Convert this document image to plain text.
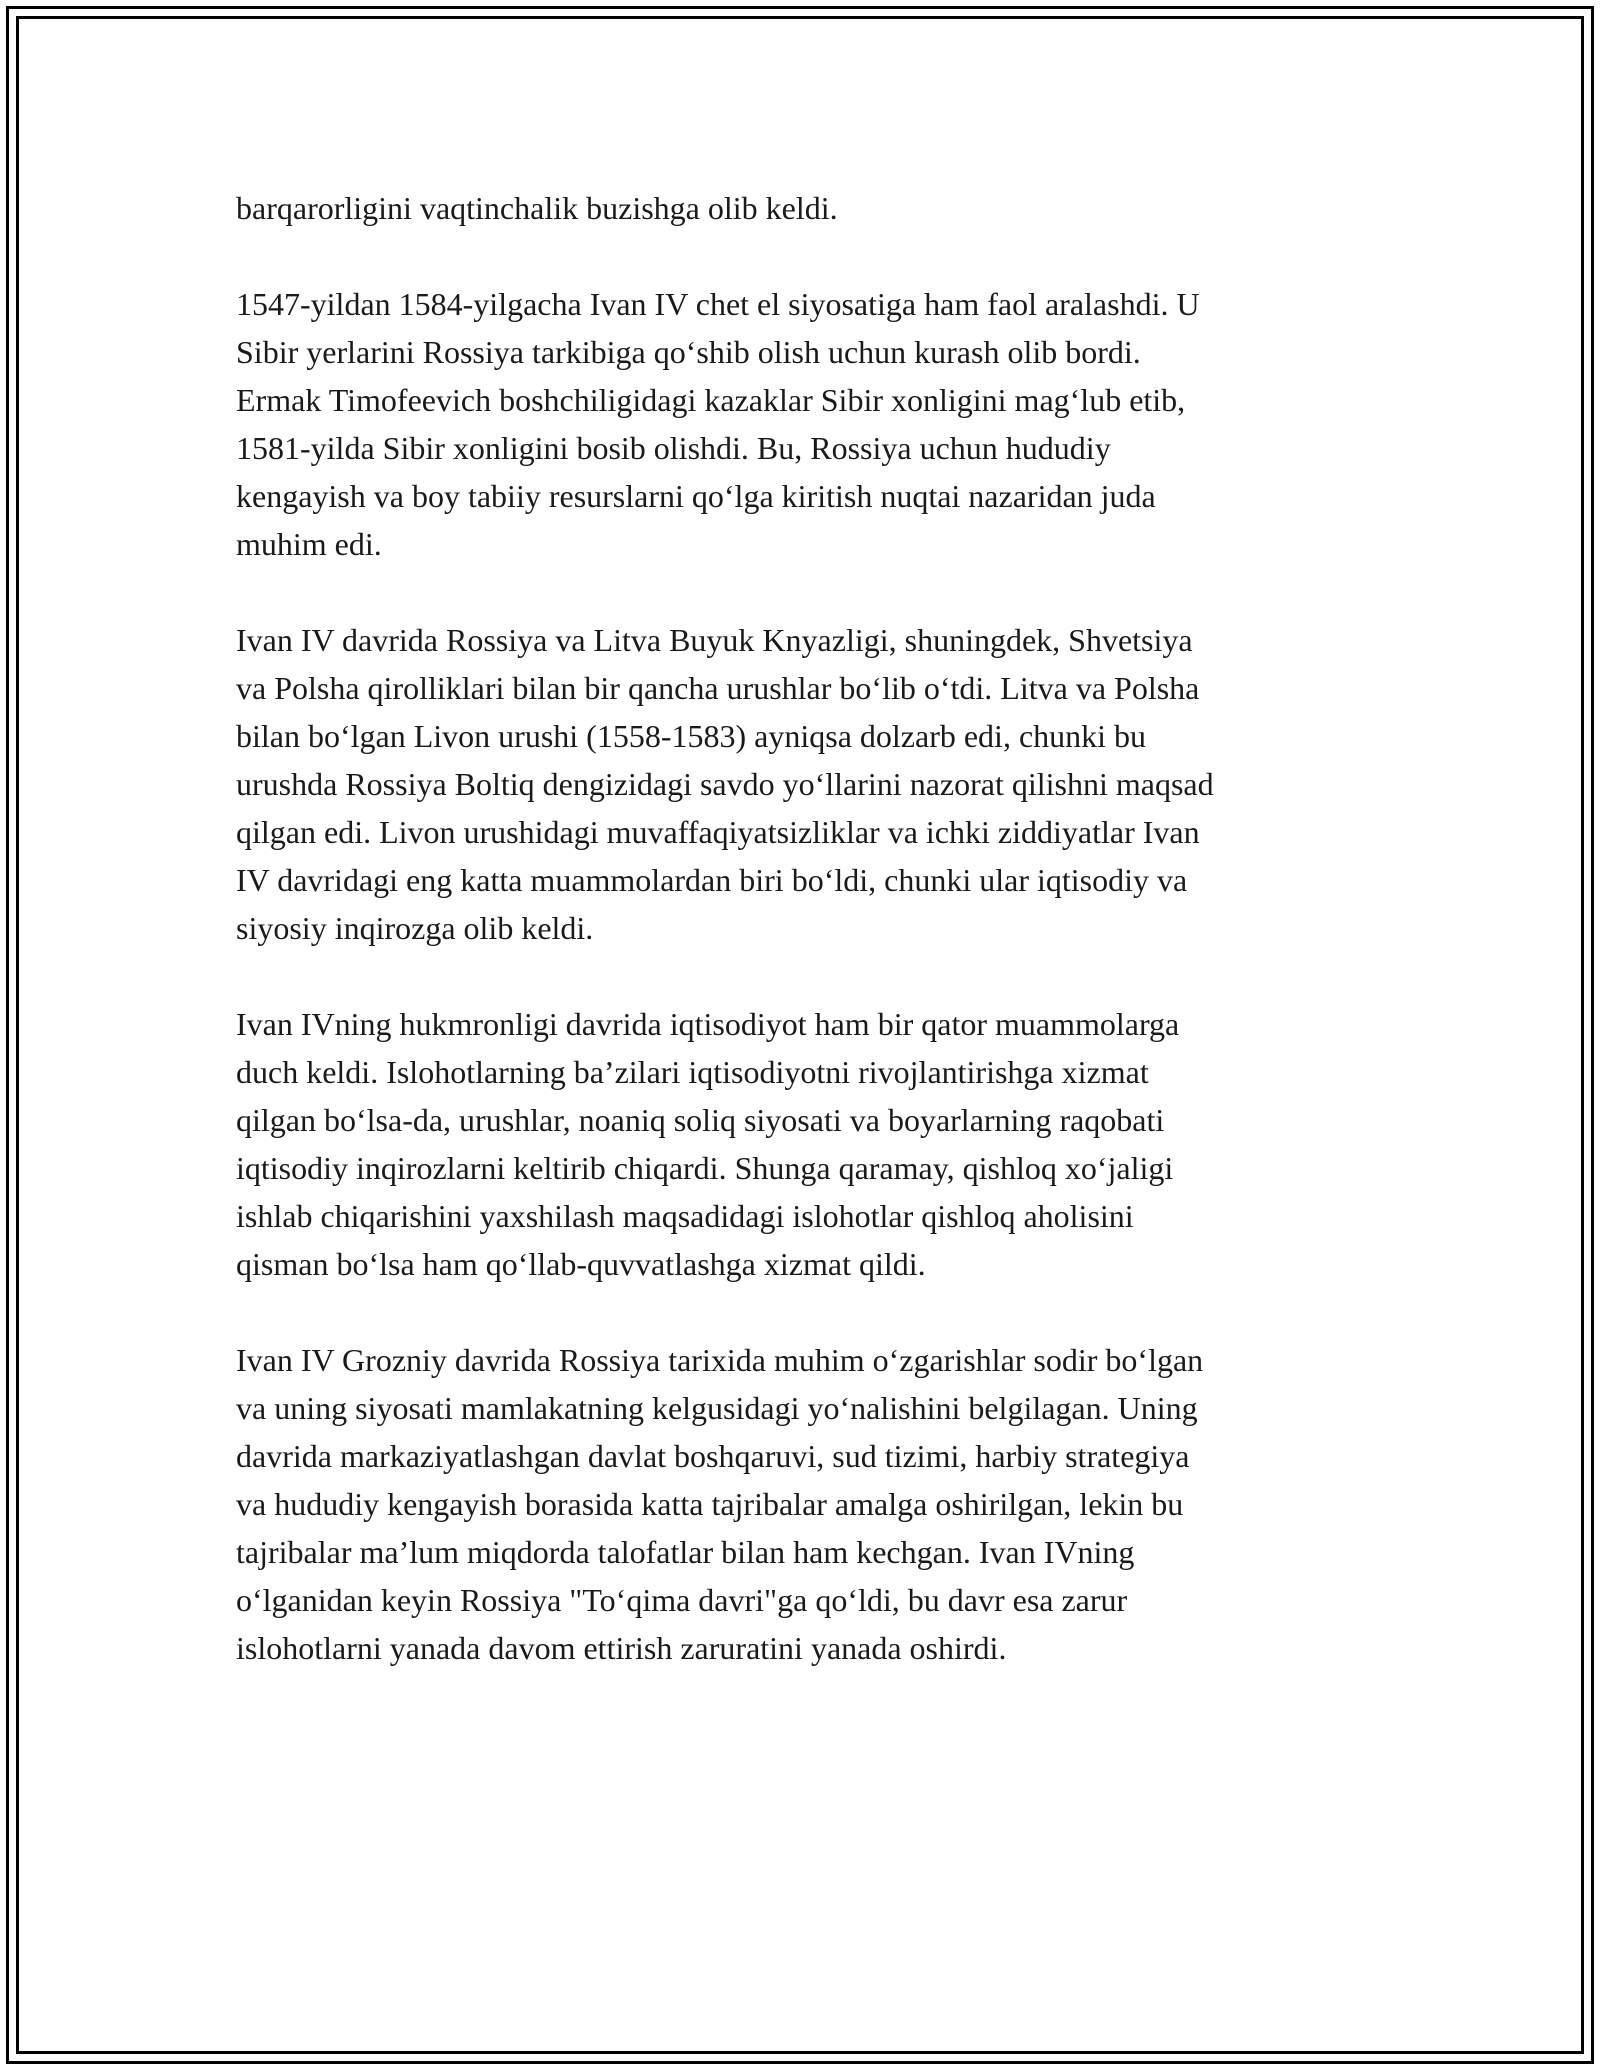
barqarorligini vaqtinchalik buzishga olib keldi.

1547-yildan 1584-yilgacha Ivan IV chet el siyosatiga ham faol aralashdi. U
Sibir yerlarini Rossiya tarkibiga qo‘shib olish uchun kurash olib bordi.
Ermak Timofeevich boshchiligidagi kazaklar Sibir xonligini mag‘lub etib,
1581-yilda Sibir xonligini bosib olishdi. Bu, Rossiya uchun hududiy
kengayish va boy tabiiy resurslarni qo‘lga kiritish nuqtai nazaridan juda
muhim edi.

Ivan IV davrida Rossiya va Litva Buyuk Knyazligi, shuningdek, Shvetsiya
va Polsha qirolliklari bilan bir qancha urushlar bo‘lib o‘tdi. Litva va Polsha
bilan bo‘lgan Livon urushi (1558-1583) ayniqsa dolzarb edi, chunki bu
urushda Rossiya Boltiq dengizidagi savdo yo‘llarini nazorat qilishni maqsad
qilgan edi. Livon urushidagi muvaffaqiyatsizliklar va ichki ziddiyatlar Ivan
IV davridagi eng katta muammolardan biri bo‘ldi, chunki ular iqtisodiy va
siyosiy inqirozga olib keldi.

Ivan IVning hukmronligi davrida iqtisodiyot ham bir qator muammolarga
duch keldi. Islohotlarning ba’zilari iqtisodiyotni rivojlantirishga xizmat
qilgan bo‘lsa-da, urushlar, noaniq soliq siyosati va boyarlarning raqobati
iqtisodiy inqirozlarni keltirib chiqardi. Shunga qaramay, qishloq xo‘jaligi
ishlab chiqarishini yaxshilash maqsadidagi islohotlar qishloq aholisini
qisman bo‘lsa ham qo‘llab-quvvatlashga xizmat qildi.

Ivan IV Grozniy davrida Rossiya tarixida muhim o‘zgarishlar sodir bo‘lgan
va uning siyosati mamlakatning kelgusidagi yo‘nalishini belgilagan. Uning
davrida markaziyatlashgan davlat boshqaruvi, sud tizimi, harbiy strategiya
va hududiy kengayish borasida katta tajribalar amalga oshirilgan, lekin bu
tajribalar ma’lum miqdorda talofatlar bilan ham kechgan. Ivan IVning
o‘lganidan keyin Rossiya "To‘qima davri"ga qo‘ldi, bu davr esa zarur
islohotlarni yanada davom ettirish zaruratini yanada oshirdi.
